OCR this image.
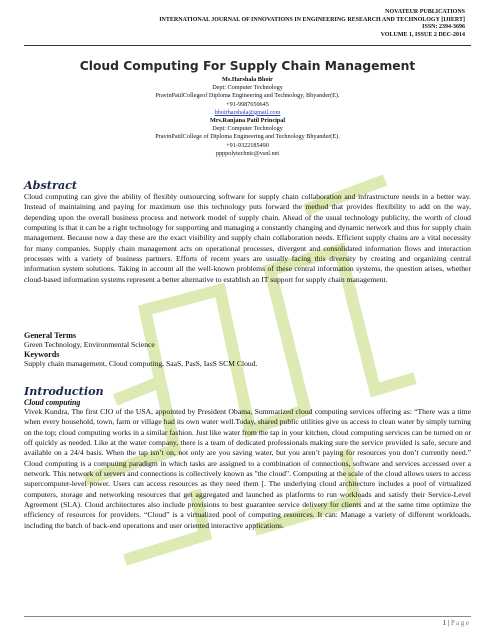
NOVATEUR PUBLICATIONS
INTERNATIONAL JOURNAL OF INNOVATIONS IN ENGINEERING RESEARCH AND TECHNOLOGY [IJIERT]
ISSN: 2394-3696
VOLUME 1, ISSUE 2 DEC-2014
Cloud Computing For Supply Chain Management
Ms.Harshala Bhoir
Dept: Computer Technology
PravinPatilCollegeof Diploma Engineering and Technology, Bhyander(E).
+91-9987650645
bhoirharshala@gmail.com
Mrs.Ranjana Patil Principal
Dept: Computer Technology
PravinPatilCollege of Diploma Engineering and Technology Bhyander(E).
+91-9322185490
ppppolytechnic@vsnl.net
Abstract
Cloud computing can give the ability of flexibly outsourcing software for supply chain collaboration and infrastructure needs in a better way. Instead of maintaining and paying for maximum use this technology puts forward the method that provides flexibility to add on the way, depending upon the overall business process and network model of supply chain. Ahead of the usual technology publicity, the worth of cloud computing is that it can be a right technology for supporting and managing a constantly changing and dynamic network and thus for supply chain management. Because now a day these are the exact visibility and supply chain collaboration needs. Efficient supply chains are a vital necessity for many companies. Supply chain management acts on operational processes, divergent and consolidated information flows and interaction processes with a variety of business partners. Efforts of recent years are usually facing this diversity by creating and organizing central information system solutions. Taking in account all the well-known problems of these central information systems, the question arises, whether cloud-based information systems represent a better alternative to establish an IT support for supply chain management.
General Terms
Green Technology, Environmental Science
Keywords
Supply chain management, Cloud computing, SaaS, PasS, IasS SCM Cloud.
Introduction
Cloud computing
Vivek Kundra, The first CIO of the USA, appointed by President Obama, Summarized cloud computing services offering as: “There was a time when every household, town, farm or village had its own water well.Today, shared public utilities give us access to clean water by simply turning on the top; cloud computing works in a similar fashion. Just like water from the tap in your kitchen, cloud computing services can be turned on or off quickly as needed. Like at the water company, there is a team of dedicated professionals making sure the service provided is safe, secure and available on a 24/4 basis. When the tap isn’t on, not only are you saving water, but you aren’t paying for resources you don’t currently need.” Cloud computing is a computing paradigm in which tasks are assigned to a combination of connections, software and services accessed over a network. This network of servers and connections is collectively known as "the cloud". Computing at the scale of the cloud allows users to access supercomputer-level power. Users can access resources as they need them [. The underlying cloud architecture includes a pool of virtualized computers, storage and networking resources that get aggregated and launched as platforms to run workloads and satisfy their Service-Level Agreement (SLA). Cloud architectures also include provisions to best guarantee service delivery for clients and at the same time optimize the efficiency of resources for providers. “Cloud” is a virtualized pool of computing resources. It can: Manage a variety of different workloads, including the batch of back-end operations and user oriented interactive applications.
1 | P a g e
